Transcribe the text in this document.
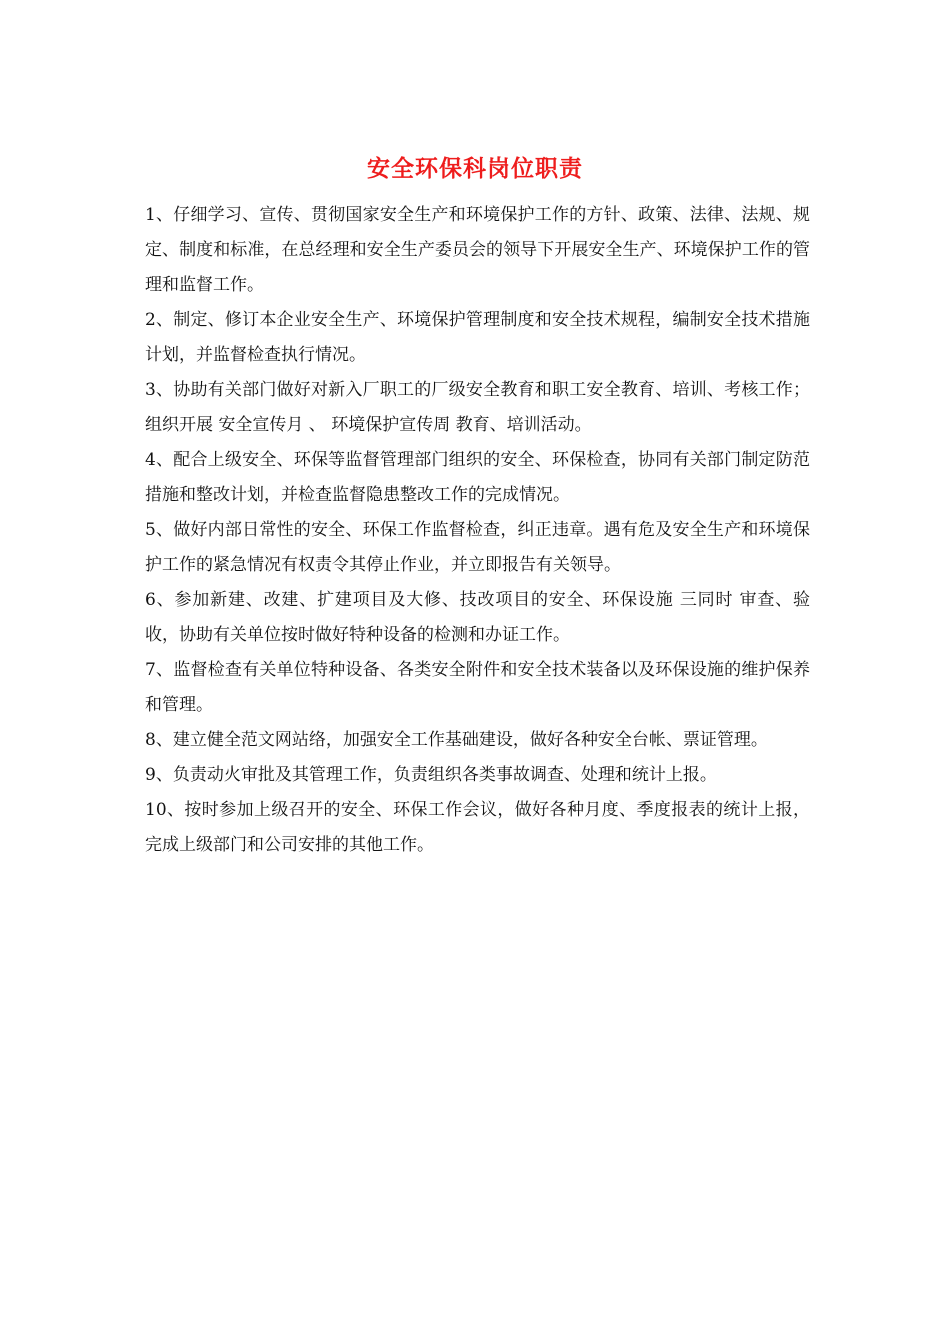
安全环保科岗位职责

1、仔细学习、宣传、贯彻国家安全生产和环境保护工作的方针、政策、法律、法规、规定、制度和标准，在总经理和安全生产委员会的领导下开展安全生产、环境保护工作的管理和监督工作。

2、制定、修订本企业安全生产、环境保护管理制度和安全技术规程，编制安全技术措施计划，并监督检查执行情况。

3、协助有关部门做好对新入厂职工的厂级安全教育和职工安全教育、培训、考核工作；组织开展 安全宣传月 、 环境保护宣传周 教育、培训活动。

4、配合上级安全、环保等监督管理部门组织的安全、环保检查，协同有关部门制定防范措施和整改计划，并检查监督隐患整改工作的完成情况。

5、做好内部日常性的安全、环保工作监督检查，纠正违章。遇有危及安全生产和环境保护工作的紧急情况有权责令其停止作业，并立即报告有关领导。

6、参加新建、改建、扩建项目及大修、技改项目的安全、环保设施 三同时 审查、验收，协助有关单位按时做好特种设备的检测和办证工作。

7、监督检查有关单位特种设备、各类安全附件和安全技术装备以及环保设施的维护保养和管理。

8、建立健全范文网站络，加强安全工作基础建设，做好各种安全台帐、票证管理。

9、负责动火审批及其管理工作，负责组织各类事故调查、处理和统计上报。

10、按时参加上级召开的安全、环保工作会议，做好各种月度、季度报表的统计上报，完成上级部门和公司安排的其他工作。
